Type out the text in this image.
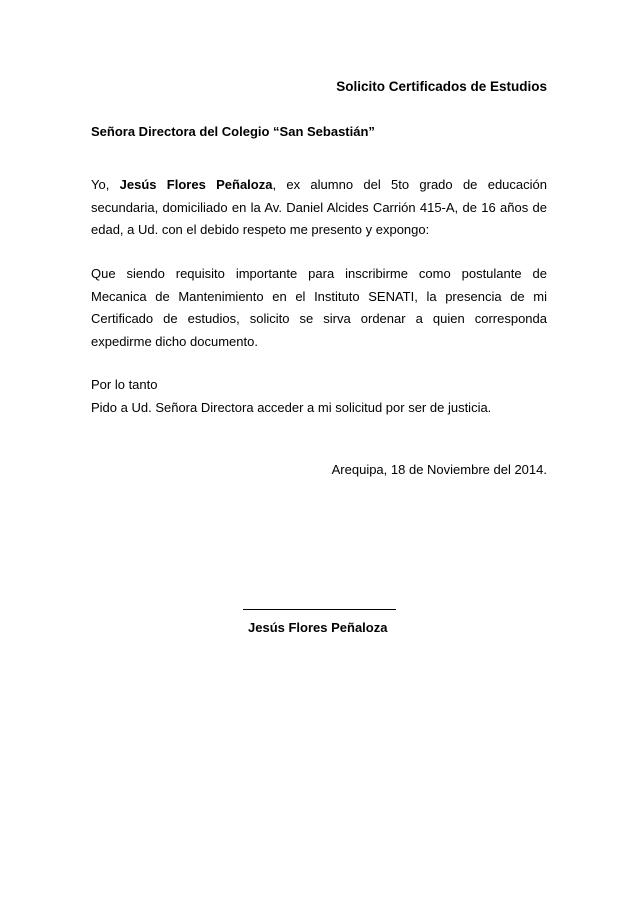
Solicito Certificados de Estudios
Señora Directora del Colegio “San Sebastián”

Yo, Jesús Flores Peñaloza, ex alumno del 5to grado de educación secundaria, domiciliado en la Av. Daniel Alcides Carrión 415-A, de 16 años de edad, a Ud. con el debido respeto me presento y expongo:

Que siendo requisito importante para inscribirme como postulante de Mecanica de Mantenimiento en el Instituto SENATI, la presencia de mi Certificado de estudios, solicito se sirva ordenar a quien corresponda expedirme dicho documento.

Por lo tanto
Pido a Ud. Señora Directora acceder a mi solicitud por ser de justicia.
Arequipa, 18 de Noviembre del 2014.
Jesús Flores Peñaloza
